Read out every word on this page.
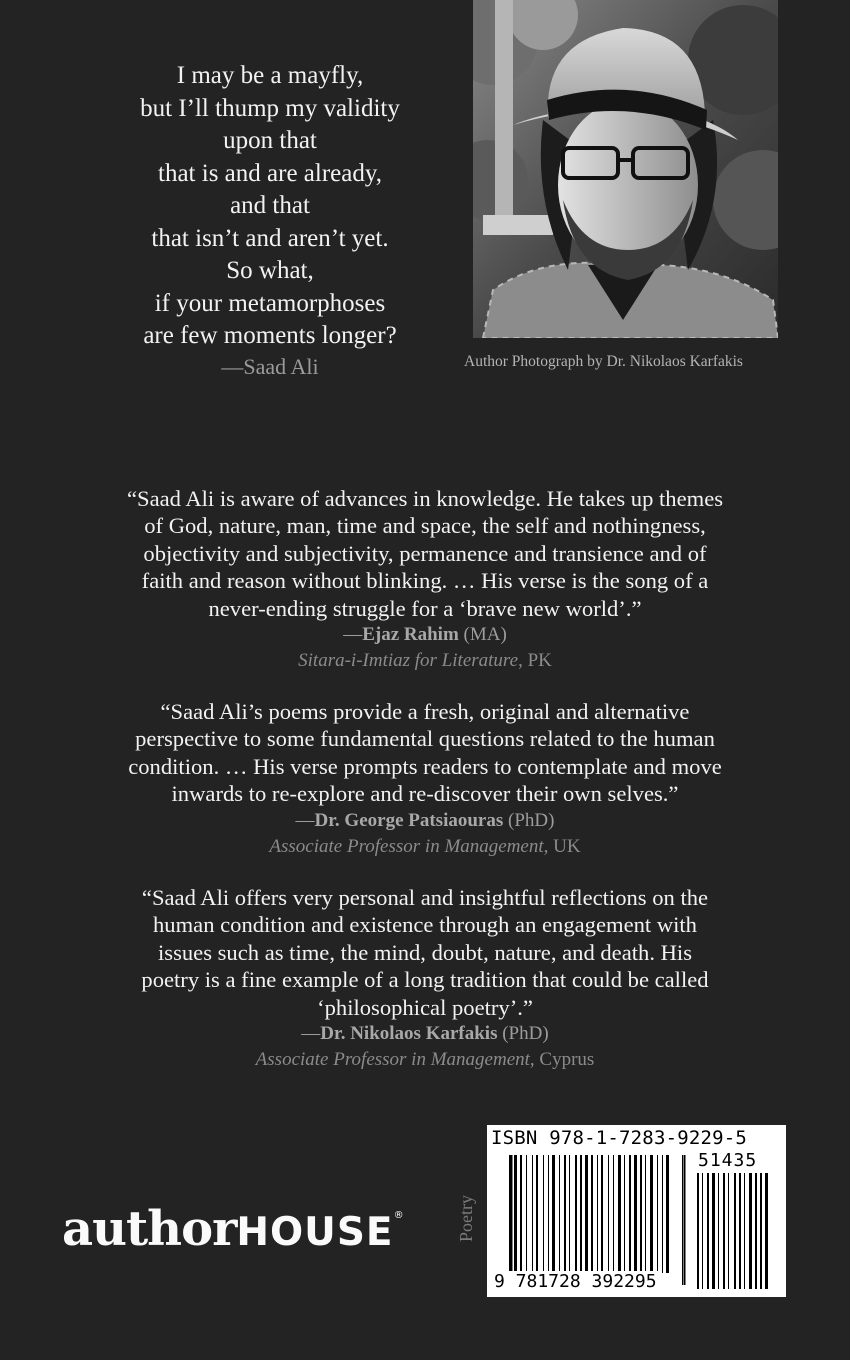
I may be a mayfly,
but I’ll thump my validity
upon that
that is and are already,
and that
that isn’t and aren’t yet.
So what,
if your metamorphoses
are few moments longer?
—Saad Ali	Author Photograph by Dr. Nikolaos Karfakis
“Saad Ali is aware of advances in knowledge. He takes up themes
of God, nature, man, time and space, the self and nothingness,
objectivity and subjectivity, permanence and transience and of
faith and reason without blinking. … His verse is the song of a
never-ending struggle for a ‘brave new world’.”
—Ejaz Rahim (MA)
Sitara-i-Imtiaz for Literature, PK
“Saad Ali’s poems provide a fresh, original and alternative
perspective to some fundamental questions related to the human
condition. … His verse prompts readers to contemplate and move
inwards to re-explore and re-discover their own selves.”
—Dr. George Patsiaouras (PhD)
Associate Professor in Management, UK
“Saad Ali offers very personal and insightful reflections on the
human condition and existence through an engagement with
issues such as time, the mind, doubt, nature, and death. His
poetry is a fine example of a long tradition that could be called
‘philosophical poetry’.”
—Dr. Nikolaos Karfakis (PhD)
Associate Professor in Management, Cyprus
authorHOUSE®	Poetry
ISBN 978-1-7283-9229-5
51435
9 781728 392295
